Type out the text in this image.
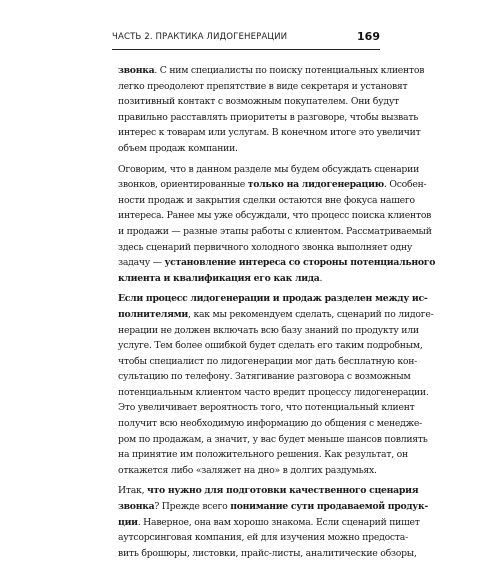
ЧАСТЬ 2. ПРАКТИКА ЛИДОГЕНЕРАЦИИ	169
звонка. С ним специалисты по поиску потенциальных клиентов
легко преодолеют препятствие в виде секретаря и установят
позитивный контакт с возможным покупателем. Они будут
правильно расставлять приоритеты в разговоре, чтобы вызвать
интерес к товарам или услугам. В конечном итоге это увеличит
объем продаж компании.
Оговорим, что в данном разделе мы будем обсуждать сценарии
звонков, ориентированные только на лидогенерацию. Особен-
ности продаж и закрытия сделки остаются вне фокуса нашего
интереса. Ранее мы уже обсуждали, что процесс поиска клиентов
и продажи — разные этапы работы с клиентом. Рассматриваемый
здесь сценарий первичного холодного звонка выполняет одну
задачу — установление интереса со стороны потенциального
клиента и квалификация его как лида.
Если процесс лидогенерации и продаж разделен между ис-
полнителями, как мы рекомендуем сделать, сценарий по лидоге-
нерации не должен включать всю базу знаний по продукту или
услуге. Тем более ошибкой будет сделать его таким подробным,
чтобы специалист по лидогенерации мог дать бесплатную кон-
сультацию по телефону. Затягивание разговора с возможным
потенциальным клиентом часто вредит процессу лидогенерации.
Это увеличивает вероятность того, что потенциальный клиент
получит всю необходимую информацию до общения с менедже-
ром по продажам, а значит, у вас будет меньше шансов повлиять
на принятие им положительного решения. Как результат, он
откажется либо «заляжет на дно» в долгих раздумьях.
Итак, что нужно для подготовки качественного сценария
звонка? Прежде всего понимание сути продаваемой продук-
ции. Наверное, она вам хорошо знакома. Если сценарий пишет
аутсорсинговая компания, ей для изучения можно предоста-
вить брошюры, листовки, прайс-листы, аналитические обзоры,
